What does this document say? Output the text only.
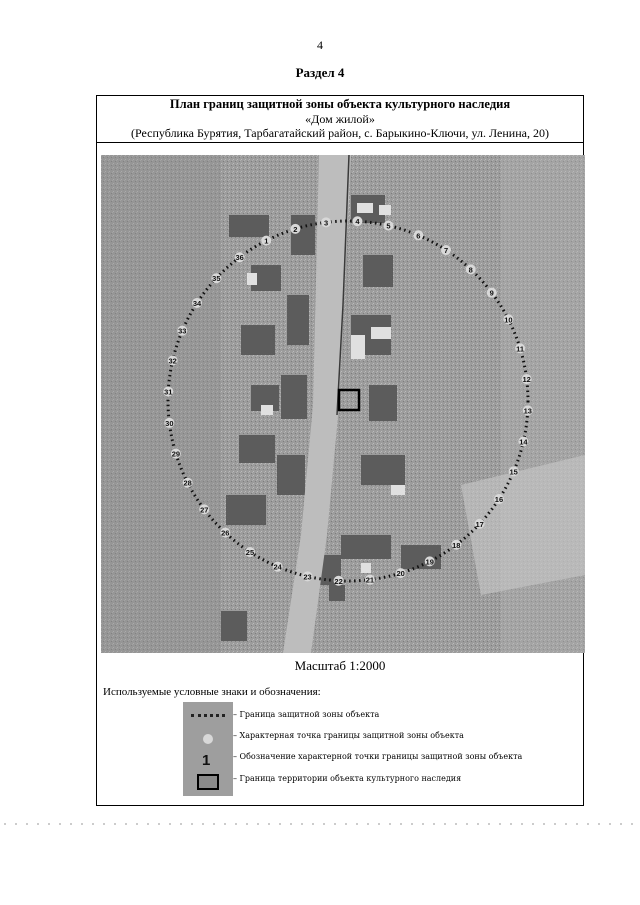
4
Раздел 4
План границ защитной зоны объекта культурного наследия
«Дом жилой»
(Республика Бурятия, Тарбагатайский район, с. Барыкино-Ключи, ул. Ленина, 20)
1
2
3	4	5
6
7
8
9
10
11
12
13
14
15
16
17
18
19
20
21
22
23
24
25
26
27
28
29
30
31
32
33
34
35
36
Масштаб 1:2000
Используемые условные знаки и обозначения:
1
– Граница защитной зоны объекта
– Характерная точка границы защитной зоны объекта
– Обозначение характерной точки границы защитной зоны объекта
– Граница территории объекта культурного наследия
